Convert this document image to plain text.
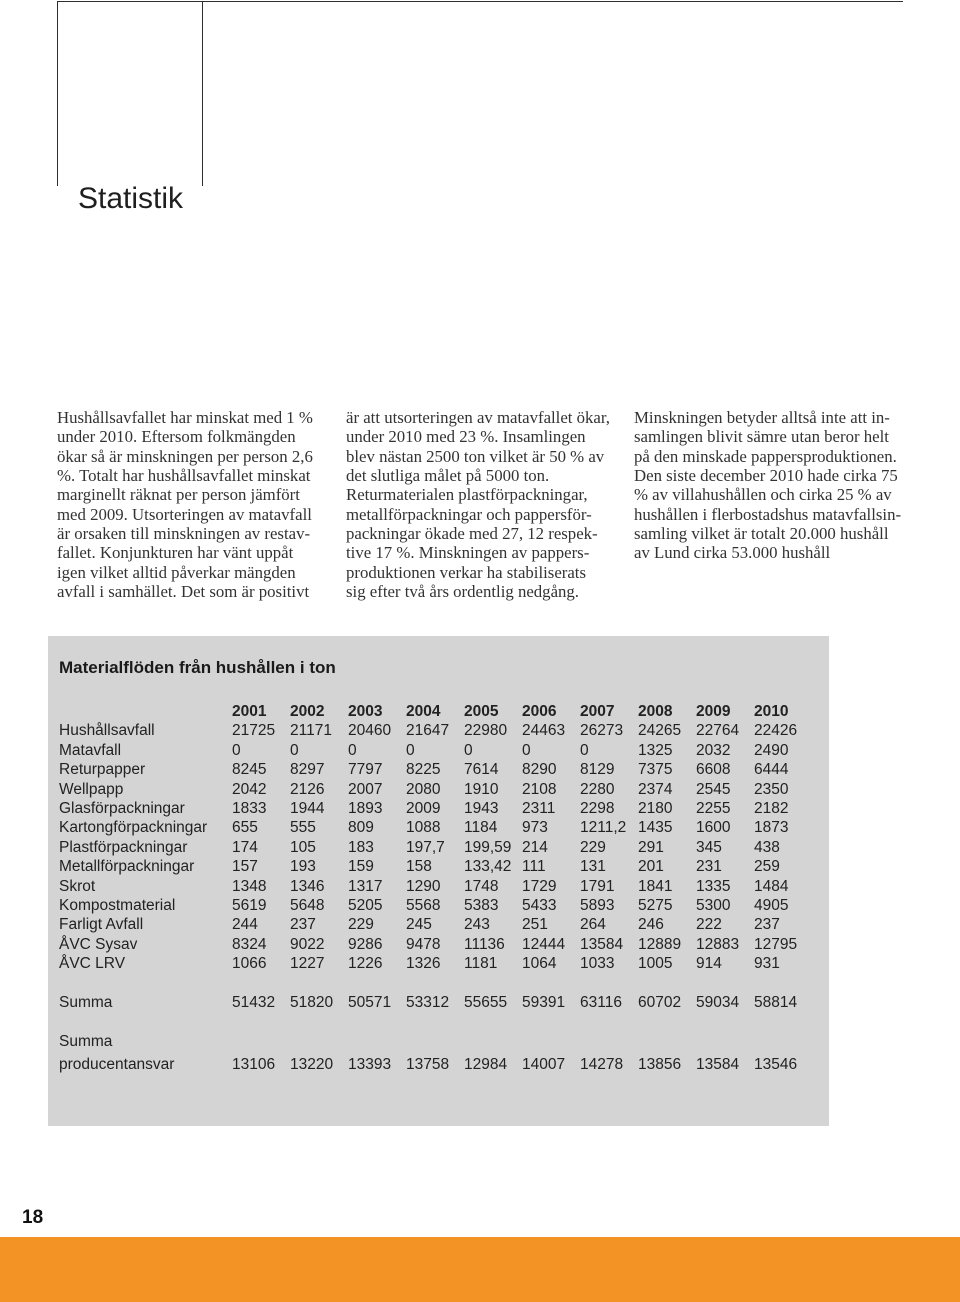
Statistik
Hushållsavfallet har minskat med 1 %
under 2010. Eftersom folkmängden
ökar så är minskningen per person 2,6
%. Totalt har hushållsavfallet minskat
marginellt räknat per person jämfört
med 2009. Utsorteringen av matavfall
är orsaken till minskningen av restav-
fallet. Konjunkturen har vänt uppåt
igen vilket alltid påverkar mängden
avfall i samhället. Det som är positivt
är att utsorteringen av matavfallet ökar,
under 2010 med 23 %. Insamlingen
blev nästan 2500 ton vilket är 50 % av
det slutliga målet på 5000 ton.
Returmaterialen plastförpackningar,
metallförpackningar och pappersför-
packningar ökade med 27, 12 respek-
tive 17 %. Minskningen av pappers-
produktionen verkar ha stabiliserats
sig efter två års ordentlig nedgång.
Minskningen betyder alltså inte att in-
samlingen blivit sämre utan beror helt
på den minskade pappersproduktionen.
Den siste december 2010 hade cirka 75
% av villahushållen och cirka 25 % av
hushållen i flerbostadshus matavfallsin-
samling vilket är totalt 20.000 hushåll
av Lund cirka 53.000 hushåll
Materialflöden från hushållen i ton
	2001	2002	2003	2004	2005	2006	2007	2008	2009	2010
Hushållsavfall	21725	21171	20460	21647	22980	24463	26273	24265	22764	22426
Matavfall	0	0	0	0	0	0	0	1325	2032	2490
Returpapper	8245	8297	7797	8225	7614	8290	8129	7375	6608	6444
Wellpapp	2042	2126	2007	2080	1910	2108	2280	2374	2545	2350
Glasförpackningar	1833	1944	1893	2009	1943	2311	2298	2180	2255	2182
Kartongförpackningar	655	555	809	1088	1184	973	1211,2	1435	1600	1873
Plastförpackningar	174	105	183	197,7	199,59	214	229	291	345	438
Metallförpackningar	157	193	159	158	133,42	111	131	201	231	259
Skrot	1348	1346	1317	1290	1748	1729	1791	1841	1335	1484
Kompostmaterial	5619	5648	5205	5568	5383	5433	5893	5275	5300	4905
Farligt Avfall	244	237	229	245	243	251	264	246	222	237
ÅVC Sysav	8324	9022	9286	9478	11136	12444	13584	12889	12883	12795
ÅVC LRV	1066	1227	1226	1326	1181	1064	1033	1005	914	931

Summa	51432	51820	50571	53312	55655	59391	63116	60702	59034	58814

Summa
producentansvar	13106	13220	13393	13758	12984	14007	14278	13856	13584	13546
18
